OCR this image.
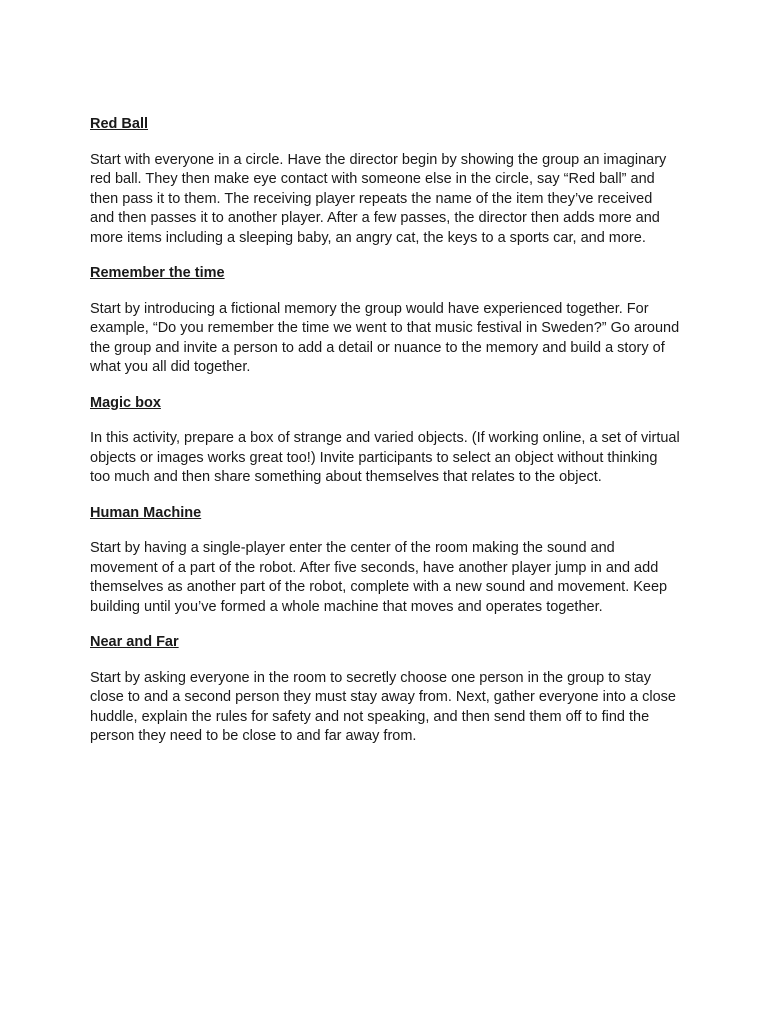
Red Ball

Start with everyone in a circle. Have the director begin by showing the group an imaginary red ball. They then make eye contact with someone else in the circle, say “Red ball” and then pass it to them. The receiving player repeats the name of the item they’ve received and then passes it to another player. After a few passes, the director then adds more and more items including a sleeping baby, an angry cat, the keys to a sports car, and more.

Remember the time

Start by introducing a fictional memory the group would have experienced together. For example, “Do you remember the time we went to that music festival in Sweden?” Go around the group and invite a person to add a detail or nuance to the memory and build a story of what you all did together.

Magic box

In this activity, prepare a box of strange and varied objects. (If working online, a set of virtual objects or images works great too!) Invite participants to select an object without thinking too much and then share something about themselves that relates to the object.

Human Machine

Start by having a single-player enter the center of the room making the sound and movement of a part of the robot. After five seconds, have another player jump in and add themselves as another part of the robot, complete with a new sound and movement. Keep building until you’ve formed a whole machine that moves and operates together.

Near and Far

Start by asking everyone in the room to secretly choose one person in the group to stay close to and a second person they must stay away from. Next, gather everyone into a close huddle, explain the rules for safety and not speaking, and then send them off to find the person they need to be close to and far away from.
